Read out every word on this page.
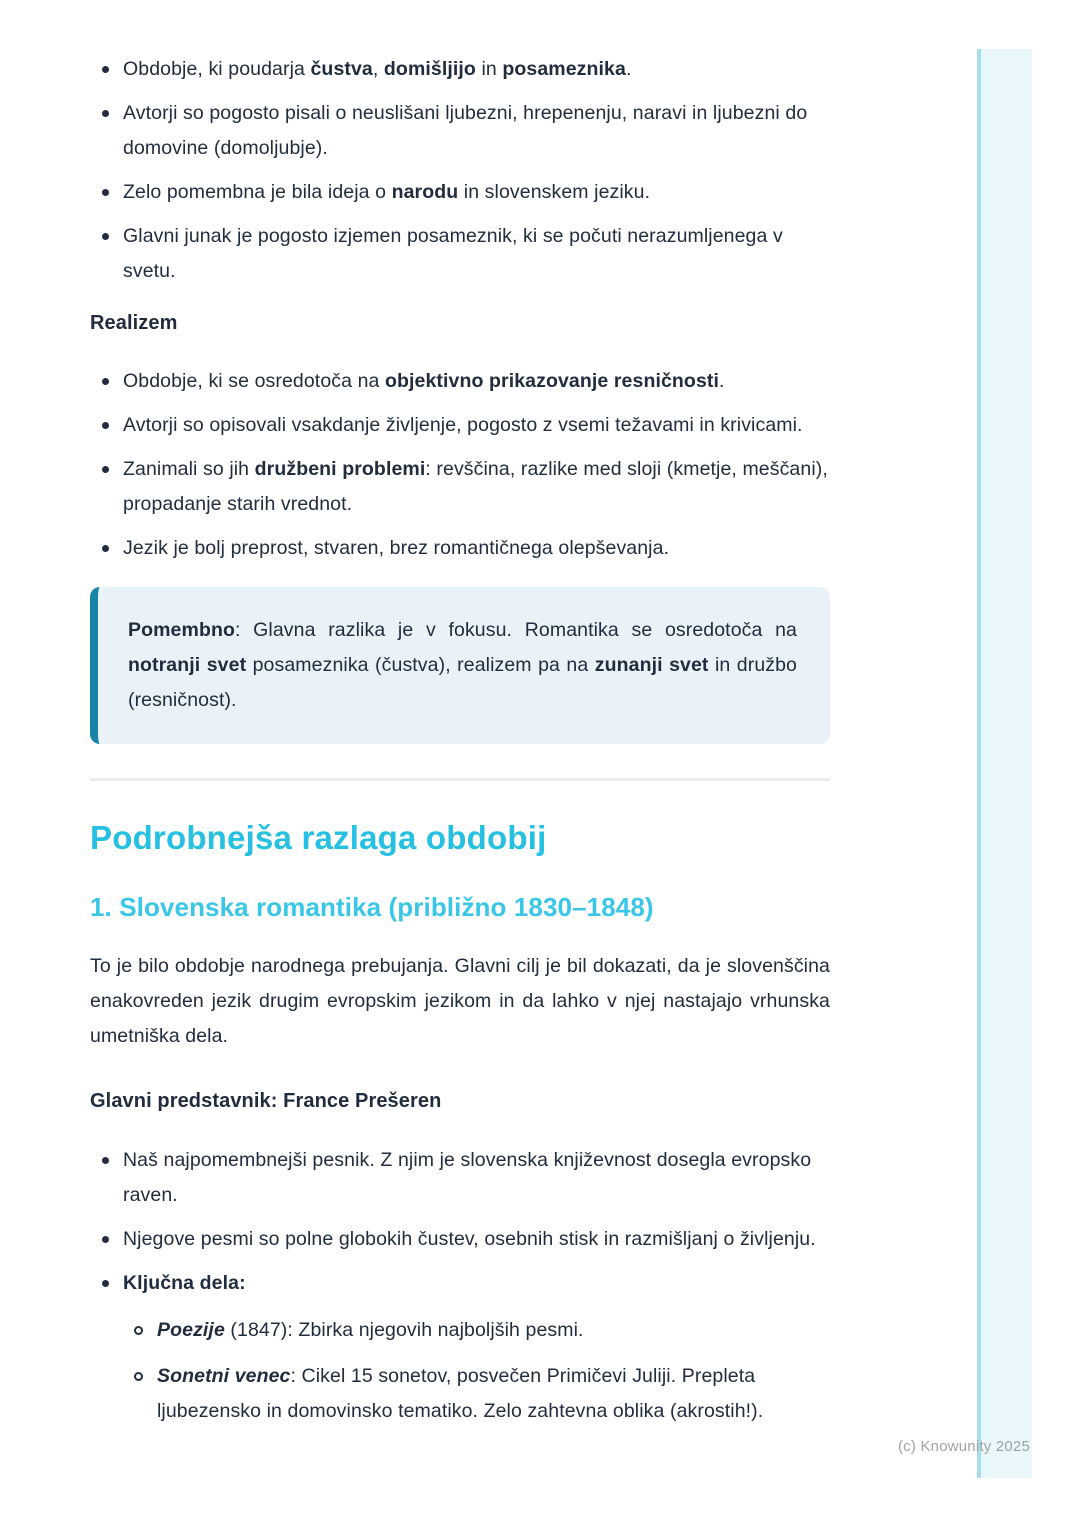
Obdobje, ki poudarja čustva, domišljijo in posameznika.
Avtorji so pogosto pisali o neuslišani ljubezni, hrepenenju, naravi in ljubezni do domovine (domoljubje).
Zelo pomembna je bila ideja o narodu in slovenskem jeziku.
Glavni junak je pogosto izjemen posameznik, ki se počuti nerazumljenega v svetu.
Realizem
Obdobje, ki se osredotoča na objektivno prikazovanje resničnosti.
Avtorji so opisovali vsakdanje življenje, pogosto z vsemi težavami in krivicami.
Zanimali so jih družbeni problemi: revščina, razlike med sloji (kmetje, meščani), propadanje starih vrednot.
Jezik je bolj preprost, stvaren, brez romantičnega olepševanja.

Pomembno: Glavna razlika je v fokusu. Romantika se osredotoča na notranji svet posameznika (čustva), realizem pa na zunanji svet in družbo (resničnost).

Podrobnejša razlaga obdobij
1. Slovenska romantika (približno 1830–1848)

To je bilo obdobje narodnega prebujanja. Glavni cilj je bil dokazati, da je slovenščina enakovreden jezik drugim evropskim jezikom in da lahko v njej nastajajo vrhunska umetniška dela.

Glavni predstavnik: France Prešeren
Naš najpomembnejši pesnik. Z njim je slovenska književnost dosegla evropsko raven.
Njegove pesmi so polne globokih čustev, osebnih stisk in razmišljanj o življenju.
Ključna dela:
Poezije (1847): Zbirka njegovih najboljših pesmi.
Sonetni venec: Cikel 15 sonetov, posvečen Primičevi Juliji. Prepleta ljubezensko in domovinsko tematiko. Zelo zahtevna oblika (akrostih!).
(c) Knowunity 2025
